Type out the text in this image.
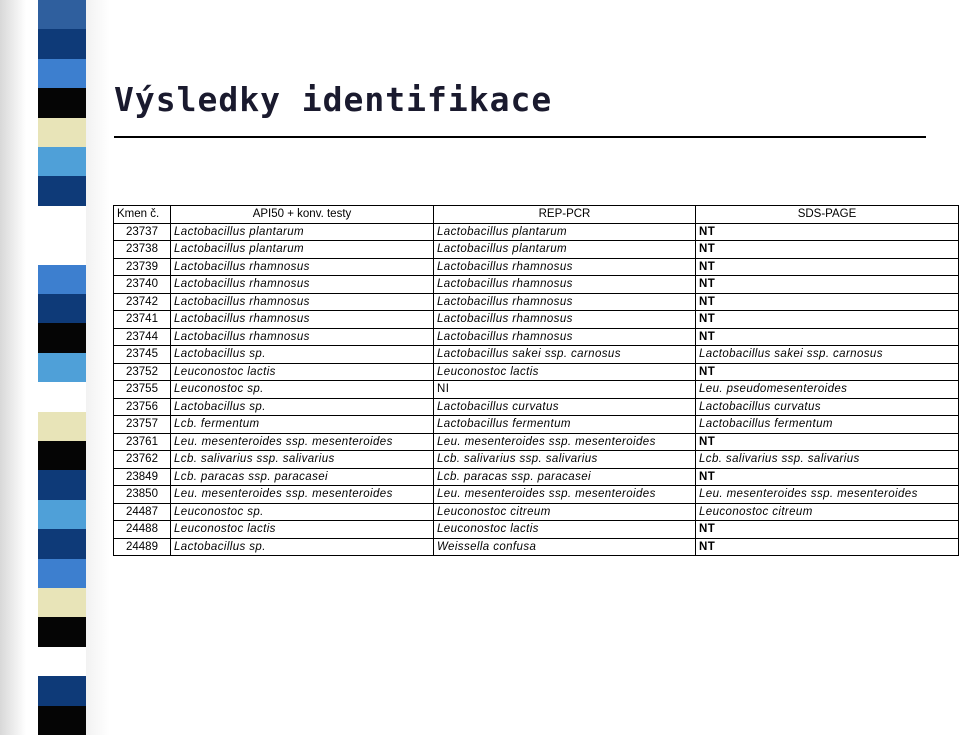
Výsledky identifikace
Kmen č.	API50 + konv. testy	REP-PCR	SDS-PAGE
23737	Lactobacillus plantarum	Lactobacillus plantarum	NT
23738	Lactobacillus plantarum	Lactobacillus plantarum	NT
23739	Lactobacillus rhamnosus	Lactobacillus rhamnosus	NT
23740	Lactobacillus rhamnosus	Lactobacillus rhamnosus	NT
23742	Lactobacillus rhamnosus	Lactobacillus rhamnosus	NT
23741	Lactobacillus rhamnosus	Lactobacillus rhamnosus	NT
23744	Lactobacillus rhamnosus	Lactobacillus rhamnosus	NT
23745	Lactobacillus sp.	Lactobacillus sakei ssp. carnosus	Lactobacillus sakei ssp. carnosus
23752	Leuconostoc lactis	Leuconostoc lactis	NT
23755	Leuconostoc sp.	NI	Leu. pseudomesenteroides
23756	Lactobacillus sp.	Lactobacillus curvatus	Lactobacillus curvatus
23757	Lcb. fermentum	Lactobacillus fermentum	Lactobacillus fermentum
23761	Leu. mesenteroides ssp. mesenteroides	Leu. mesenteroides ssp. mesenteroides	NT
23762	Lcb. salivarius ssp. salivarius	Lcb. salivarius ssp. salivarius	Lcb. salivarius ssp. salivarius
23849	Lcb. paracas ssp. paracasei	Lcb. paracas ssp. paracasei	NT
23850	Leu. mesenteroides ssp. mesenteroides	Leu. mesenteroides ssp. mesenteroides	Leu. mesenteroides ssp. mesenteroides
24487	Leuconostoc sp.	Leuconostoc citreum	Leuconostoc citreum
24488	Leuconostoc lactis	Leuconostoc lactis	NT
24489	Lactobacillus sp.	Weissella confusa	NT
